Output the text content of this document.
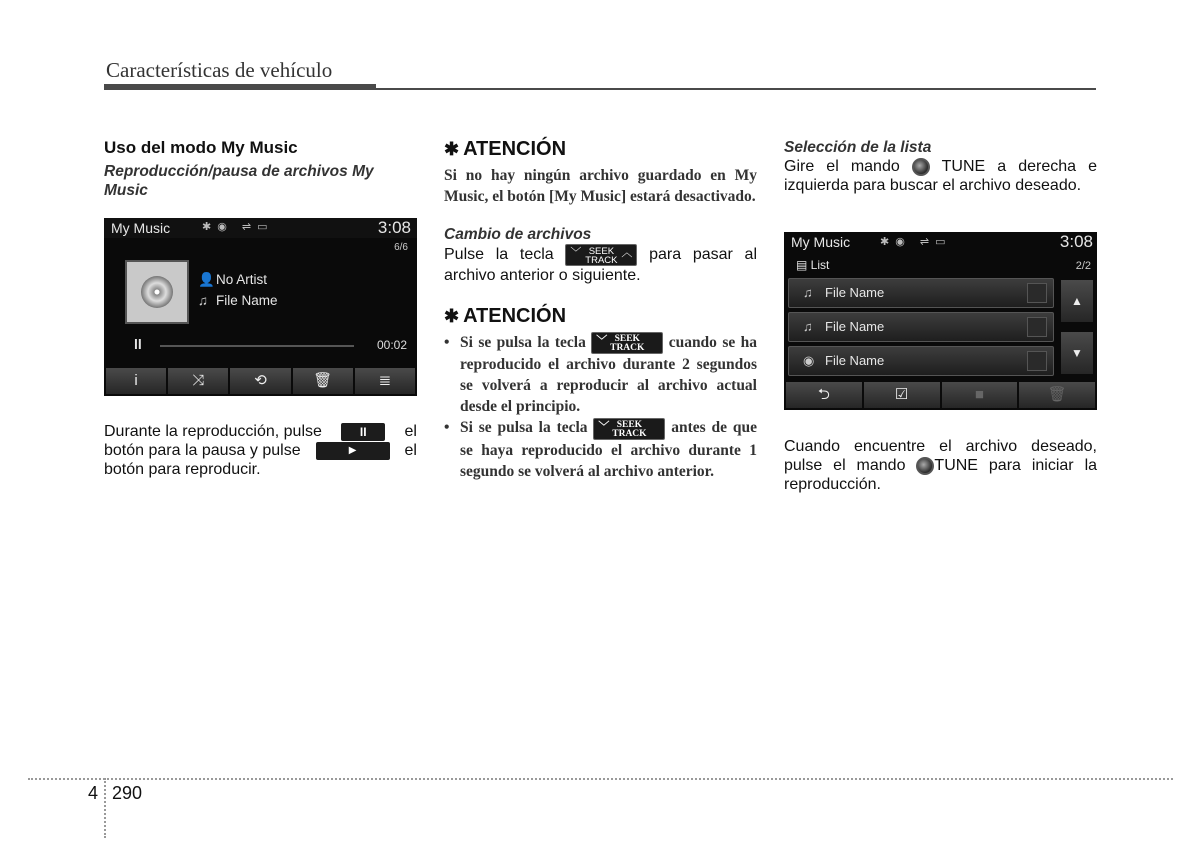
Características de vehículo
Uso del modo My Music
Reproducción/pausa de archivos My Music
My Music	✱◉ ⇌▭	3:08
6/6
👤No Artist
♫ File Name
ll	00:02
i	⤨	⟲	🗑	≣
Durante la reproducción, pulse	II	el
botón para la pausa y pulse	▶	el
botón para reproducir.
✱ ATENCIÓN
Si no hay ningún archivo guardado en My Music, el botón [My Music] estará desactivado.
Cambio de archivos
Pulse la tecla ﹀ SEEK
TRACK
︿ para pasar al archivo anterior o siguiente.
✱ ATENCIÓN
• Si se pulsa la tecla ﹀ SEEK
TRACK cuando se ha reproducido el archivo durante 2 segundos se volverá a reproducir al archivo actual desde el principio.
• Si se pulsa la tecla ﹀ SEEK
TRACK antes de que se haya reproducido el archivo durante 1 segundo se volverá al archivo anterior.
Selección de la lista
Gire el mando	TUNE a derecha e izquierda para buscar el archivo deseado.
My Music	✱◉ ⇌▭	3:08
▤ List	2/2
♫ File Name
♫ File Name
◉ File Name
▲
▼
⮌	☑	■	🗑
Cuando encuentre el archivo deseado, pulse el mando TUNE para iniciar la reproducción.
4 290
